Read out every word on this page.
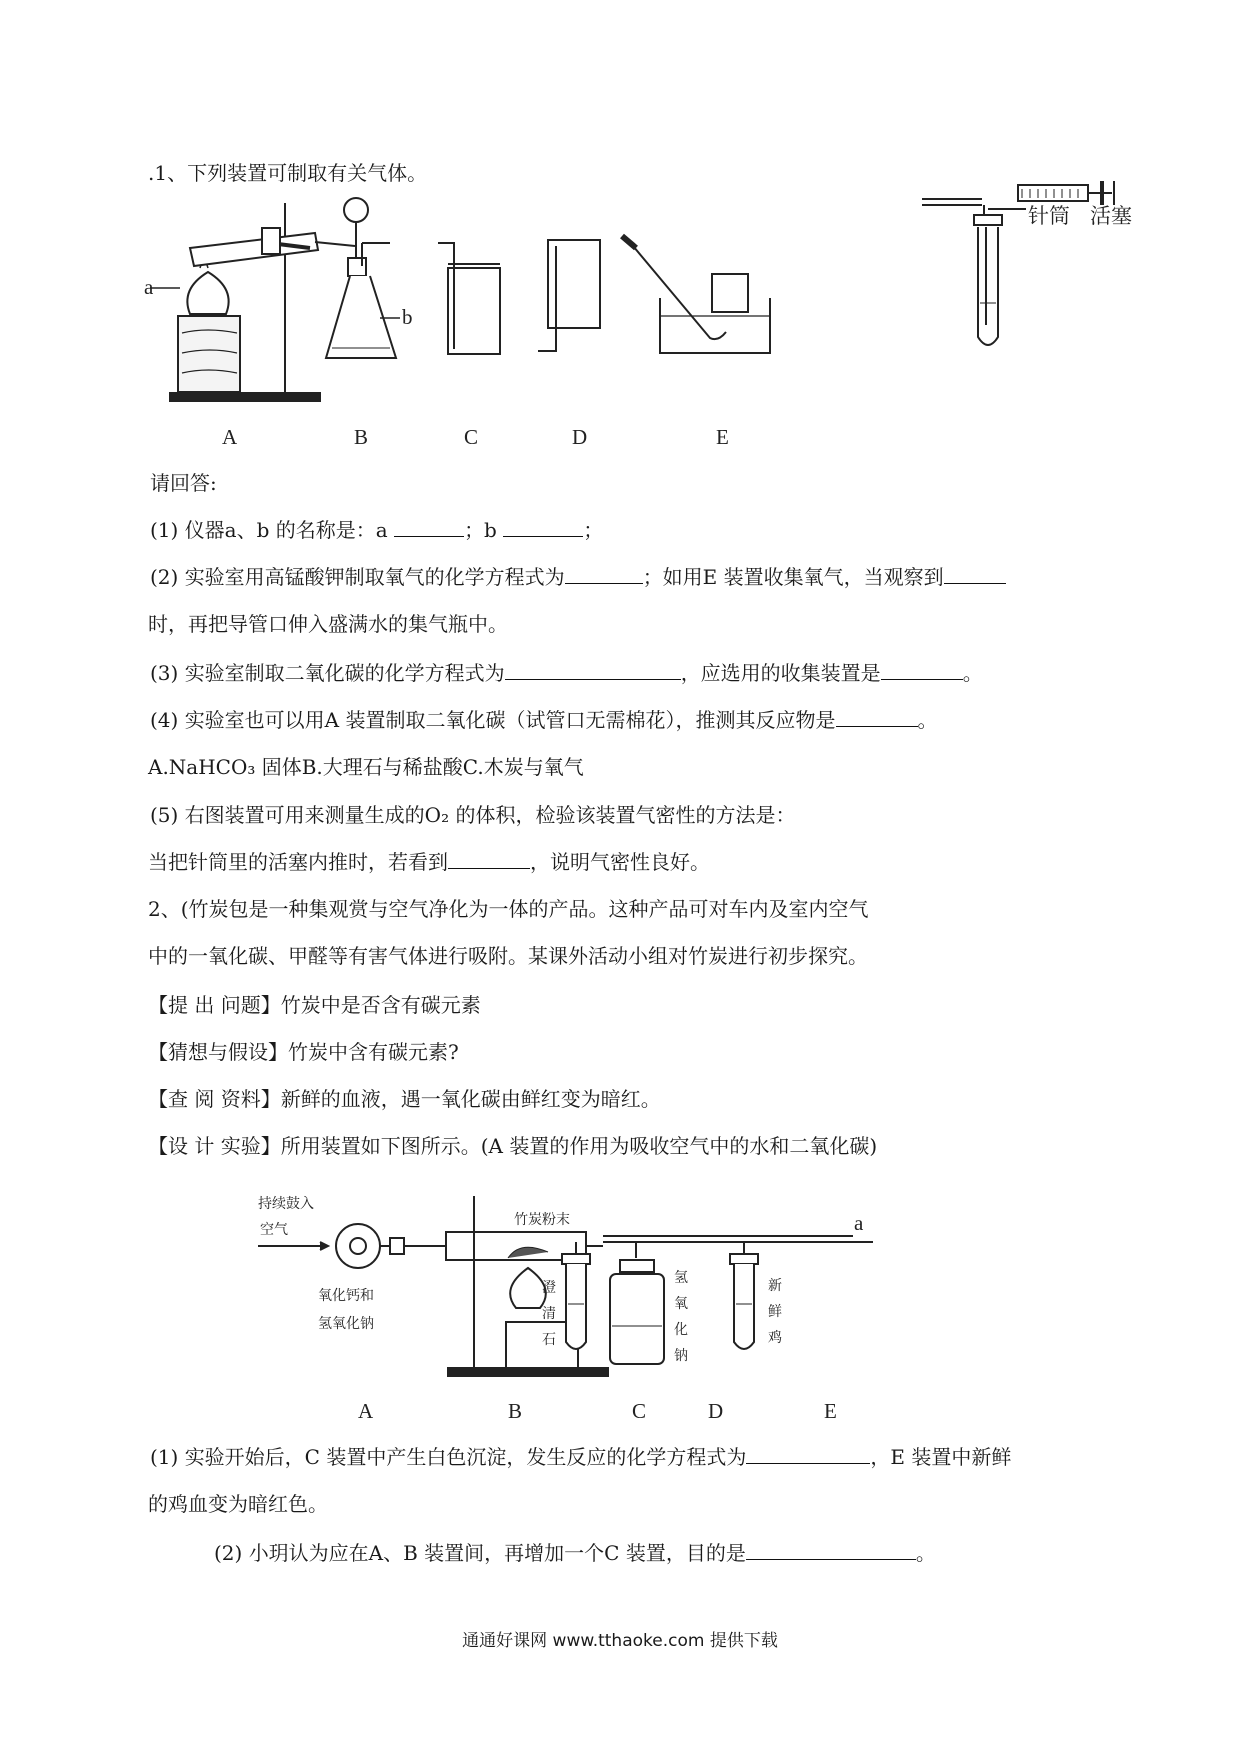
.1、下列装置可制取有关气体。
a
b
A	B	C	D	E
针筒 活塞
请回答:
(1) 仪器a、b 的名称是：a	；b	；
(2) 实验室用高锰酸钾制取氧气的化学方程式为	；如用E 装置收集氧气，当观察到
时，再把导管口伸入盛满水的集气瓶中。
(3) 实验室制取二氧化碳的化学方程式为	，应选用的收集装置是	。
(4) 实验室也可以用A 装置制取二氧化碳（试管口无需棉花），推测其反应物是	。
A.NaHCO₃ 固体B.大理石与稀盐酸C.木炭与氧气
(5) 右图装置可用来测量生成的O₂ 的体积，检验该装置气密性的方法是：
当把针筒里的活塞内推时，若看到	，说明气密性良好。
2、(竹炭包是一种集观赏与空气净化为一体的产品。这种产品可对车内及室内空气
中的一氧化碳、甲醛等有害气体进行吸附。某课外活动小组对竹炭进行初步探究。
【提 出 问题】竹炭中是否含有碳元素
【猜想与假设】竹炭中含有碳元素?
【查 阅 资料】新鲜的血液，遇一氧化碳由鲜红变为暗红。
【设 计 实验】所用装置如下图所示。(A 装置的作用为吸收空气中的水和二氧化碳)
持续鼓入
空气
氧化钙和
氢氧化钠
竹炭粉末
澄
清
石
氢
氧
化
钠
新
鲜
鸡
a
A	B	C	D	E
(1) 实验开始后，C 装置中产生白色沉淀，发生反应的化学方程式为	，E 装置中新鲜
的鸡血变为暗红色。
(2) 小玥认为应在A、B 装置间，再增加一个C 装置，目的是	。
通通好课网 www.tthaoke.com 提供下载
